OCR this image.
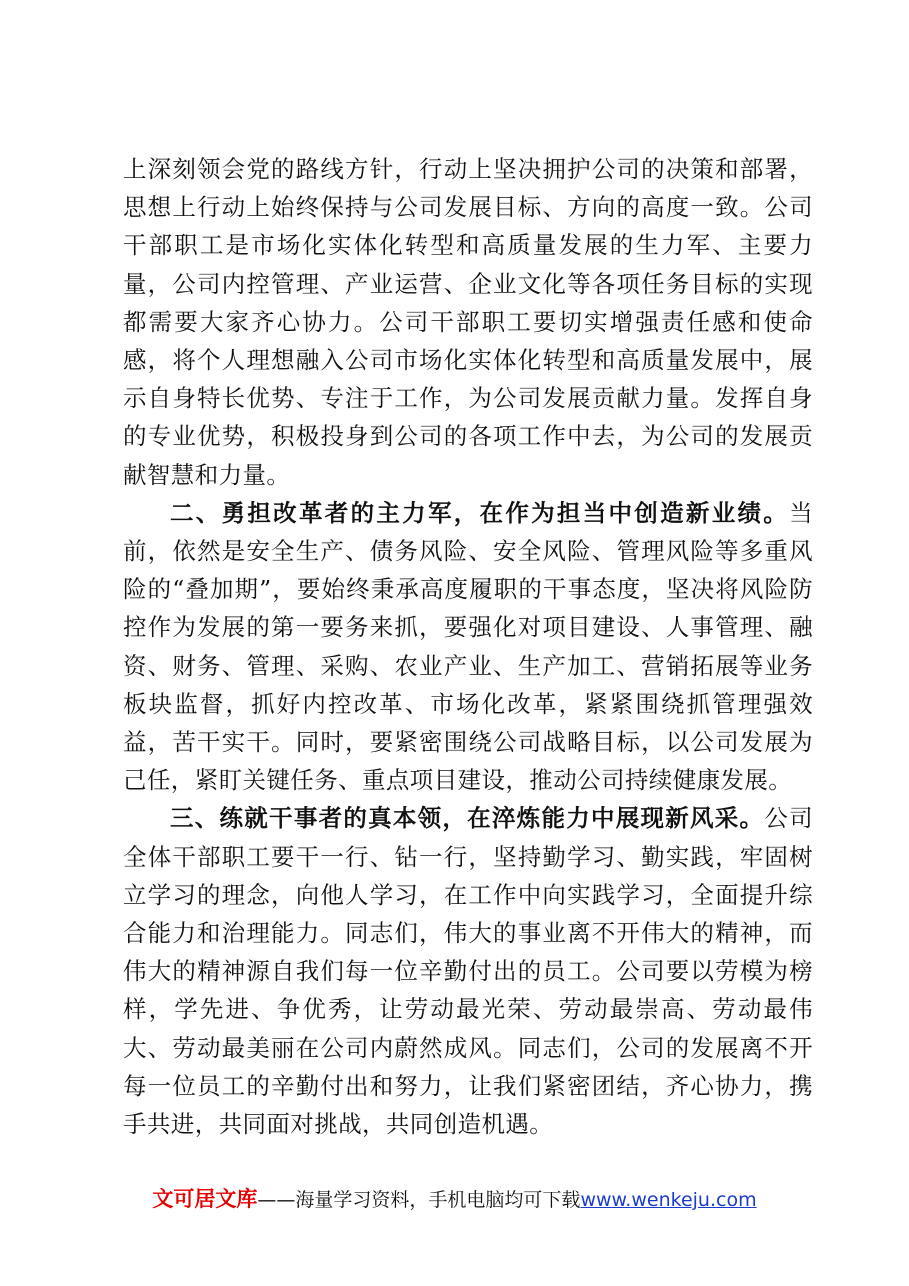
上深刻领会党的路线方针，行动上坚决拥护公司的决策和部署，思想上行动上始终保持与公司发展目标、方向的高度一致。公司干部职工是市场化实体化转型和高质量发展的生力军、主要力量，公司内控管理、产业运营、企业文化等各项任务目标的实现都需要大家齐心协力。公司干部职工要切实增强责任感和使命感，将个人理想融入公司市场化实体化转型和高质量发展中，展示自身特长优势、专注于工作，为公司发展贡献力量。发挥自身的专业优势，积极投身到公司的各项工作中去，为公司的发展贡献智慧和力量。

二、勇担改革者的主力军，在作为担当中创造新业绩。当前，依然是安全生产、债务风险、安全风险、管理风险等多重风险的“叠加期”，要始终秉承高度履职的干事态度，坚决将风险防控作为发展的第一要务来抓，要强化对项目建设、人事管理、融资、财务、管理、采购、农业产业、生产加工、营销拓展等业务板块监督，抓好内控改革、市场化改革，紧紧围绕抓管理强效益，苦干实干。同时，要紧密围绕公司战略目标，以公司发展为己任，紧盯关键任务、重点项目建设，推动公司持续健康发展。

三、练就干事者的真本领，在淬炼能力中展现新风采。公司全体干部职工要干一行、钻一行，坚持勤学习、勤实践，牢固树立学习的理念，向他人学习，在工作中向实践学习，全面提升综合能力和治理能力。同志们，伟大的事业离不开伟大的精神，而伟大的精神源自我们每一位辛勤付出的员工。公司要以劳模为榜样，学先进、争优秀，让劳动最光荣、劳动最崇高、劳动最伟大、劳动最美丽在公司内蔚然成风。同志们，公司的发展离不开每一位员工的辛勤付出和努力，让我们紧密团结，齐心协力，携手共进，共同面对挑战，共同创造机遇。

文可居文库——海量学习资料，手机电脑均可下载www.wenkeju.com
